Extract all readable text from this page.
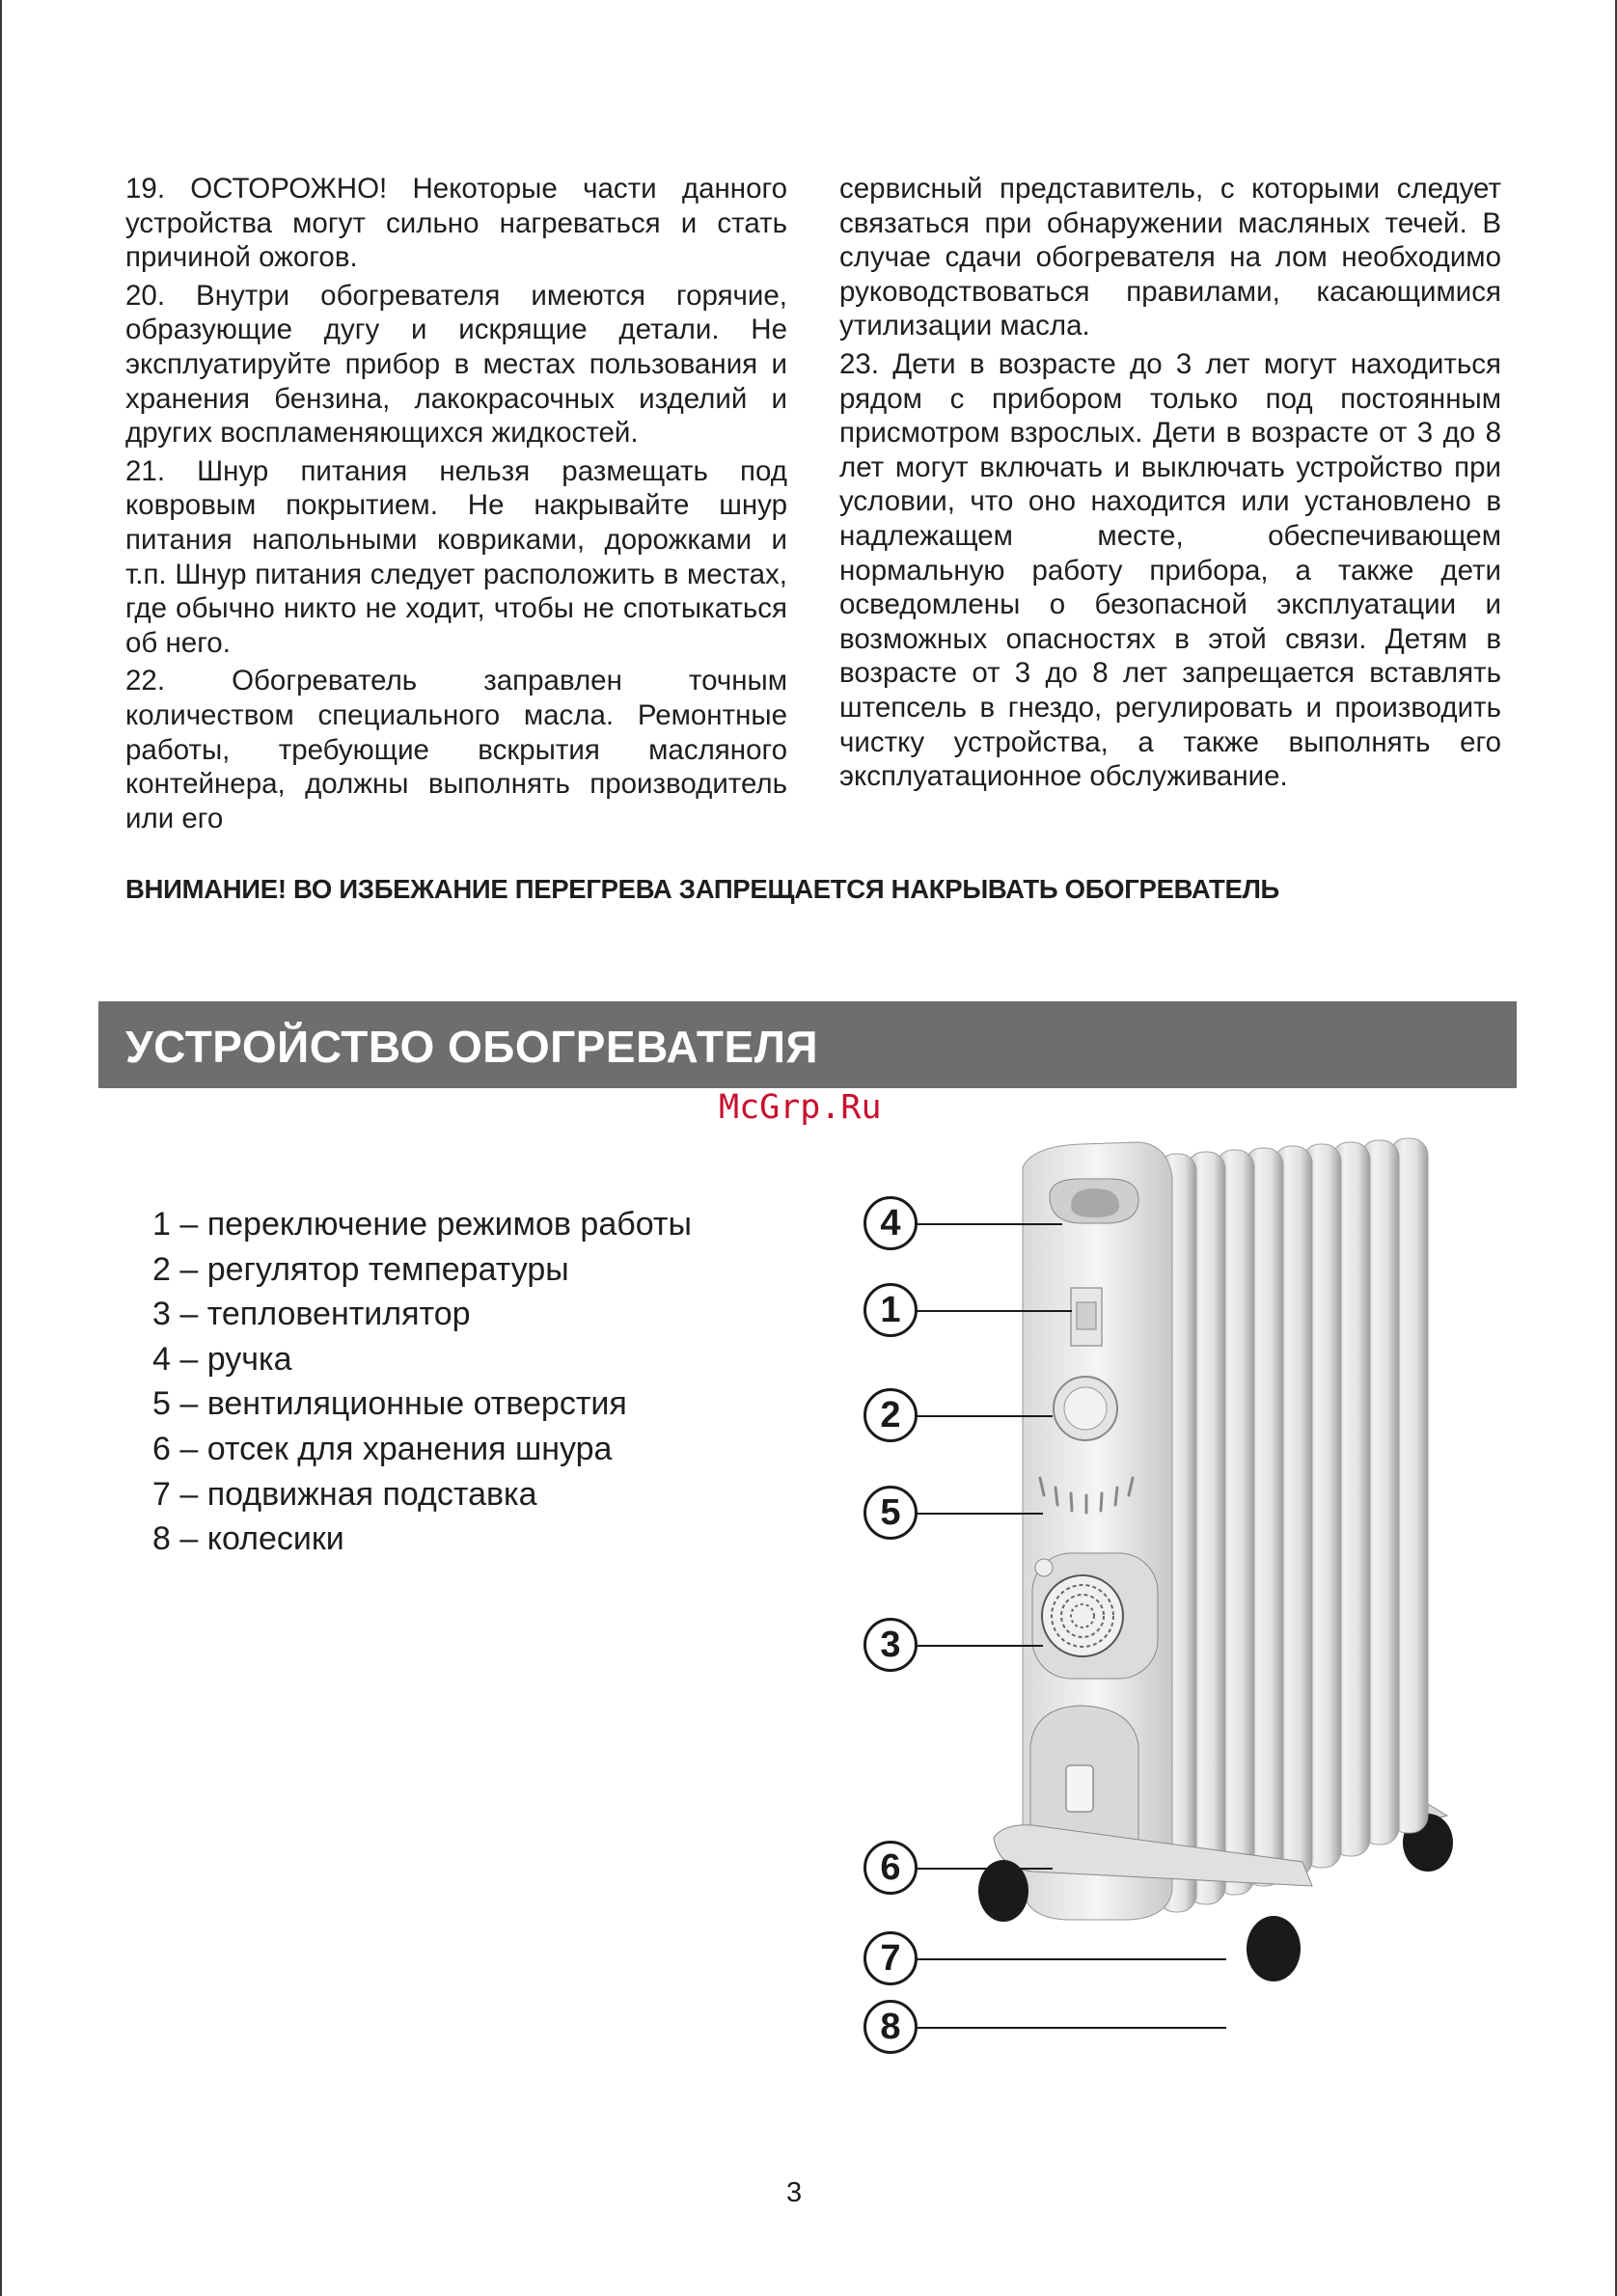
19. ОСТОРОЖНО! Некоторые части данного устройства могут сильно нагреваться и стать причиной ожогов.

20. Внутри обогревателя имеются горячие, образующие дугу и искрящие детали. Не эксплуатируйте прибор в местах пользования и хранения бензина, лакокрасочных изделий и других воспламеняющихся жидкостей.

21. Шнур питания нельзя размещать под ковровым покрытием. Не накрывайте шнур питания напольными ковриками, дорожками и т.п. Шнур питания следует расположить в местах, где обычно никто не ходит, чтобы не спотыкаться об него.

22. Обогреватель заправлен точным количеством специального масла. Ремонтные работы, требующие вскрытия масляного контейнера, должны выполнять производитель или его

сервисный представитель, с которыми следует связаться при обнаружении масляных течей. В случае сдачи обогревателя на лом необходимо руководствоваться правилами, касающимися утилизации масла.

23. Дети в возрасте до 3 лет могут находиться рядом с прибором только под постоянным присмотром взрослых. Дети в возрасте от 3 до 8 лет могут включать и выключать устройство при условии, что оно находится или установлено в надлежащем месте, обеспечивающем нормальную работу прибора, а также дети осведомлены о безопасной эксплуатации и возможных опасностях в этой связи. Детям в возрасте от 3 до 8 лет запрещается вставлять штепсель в гнездо, регулировать и производить чистку устройства, а также выполнять его эксплуатационное обслуживание.

ВНИМАНИЕ! ВО ИЗБЕЖАНИЕ ПЕРЕГРЕВА ЗАПРЕЩАЕТСЯ НАКРЫВАТЬ ОБОГРЕВАТЕЛЬ
УСТРОЙСТВО ОБОГРЕВАТЕЛЯ
McGrp.Ru
1 – переключение режимов работы
2 – регулятор температуры
3 – тепловентилятор
4 – ручка
5 – вентиляционные отверстия
6 – отсек для хранения шнура
7 – подвижная подставка
8 – колесики
4
1
2
5
3
6
7
8
3
